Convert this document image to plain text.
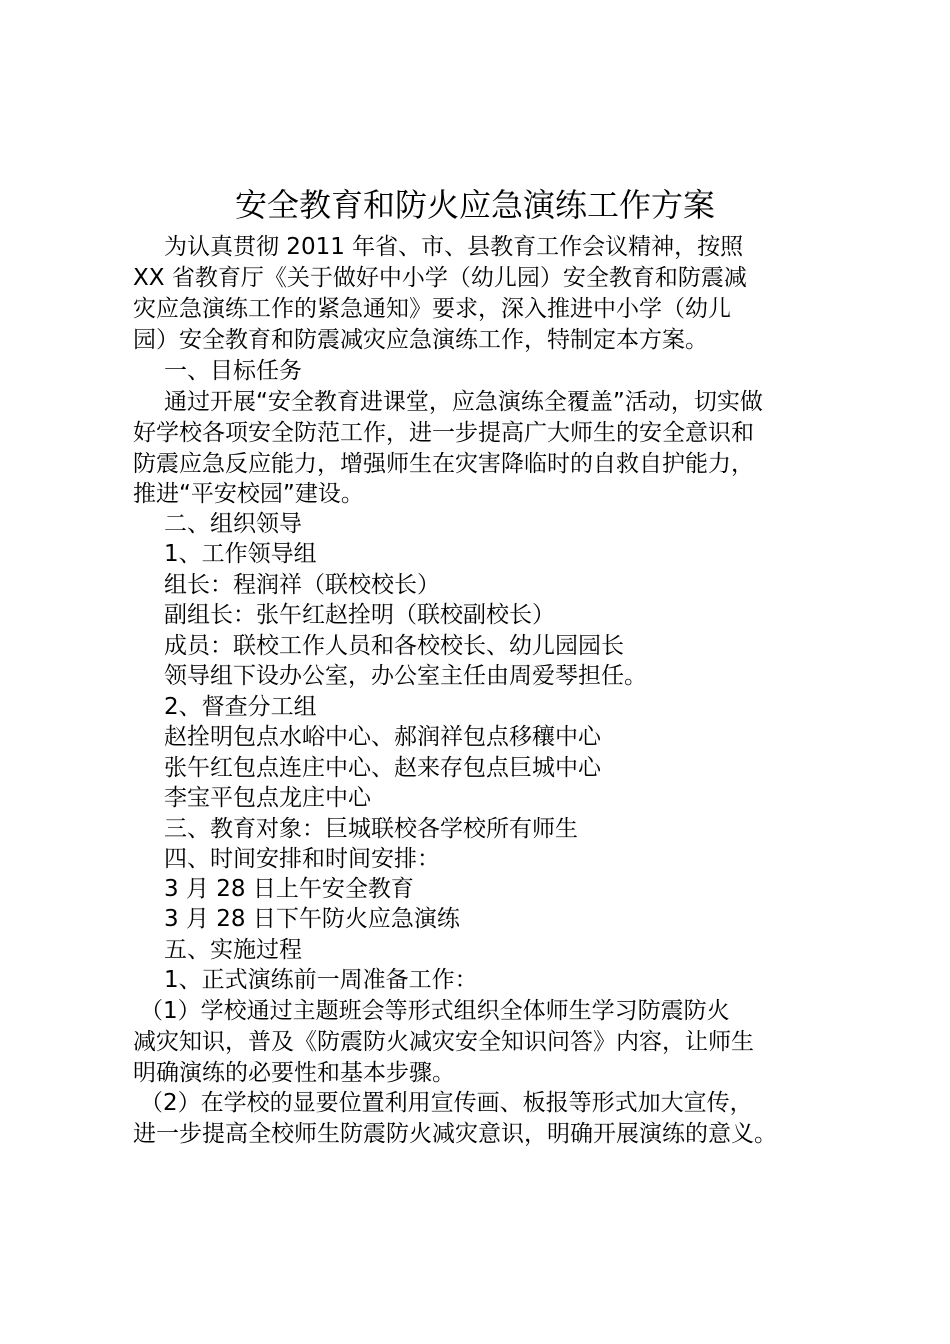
安全教育和防火应急演练工作方案
为认真贯彻 2011 年省、市、县教育工作会议精神，按照
XX 省教育厅《关于做好中小学（幼儿园）安全教育和防震减
灾应急演练工作的紧急通知》要求，深入推进中小学（幼儿
园）安全教育和防震减灾应急演练工作，特制定本方案。
一、目标任务
通过开展“安全教育进课堂，应急演练全覆盖”活动，切实做
好学校各项安全防范工作，进一步提高广大师生的安全意识和
防震应急反应能力，增强师生在灾害降临时的自救自护能力，
推进“平安校园”建设。
二、组织领导
1、工作领导组
组长：程润祥（联校校长）
副组长：张午红赵拴明（联校副校长）
成员：联校工作人员和各校校长、幼儿园园长
领导组下设办公室，办公室主任由周爱琴担任。
2、督查分工组
赵拴明包点水峪中心、郝润祥包点移穰中心
张午红包点连庄中心、赵来存包点巨城中心
李宝平包点龙庄中心
三、教育对象：巨城联校各学校所有师生
四、时间安排和时间安排：
3 月 28 日上午安全教育
3 月 28 日下午防火应急演练
五、实施过程
1、正式演练前一周准备工作：
（1）学校通过主题班会等形式组织全体师生学习防震防火
减灾知识，普及《防震防火减灾安全知识问答》内容，让师生
明确演练的必要性和基本步骤。
（2）在学校的显要位置利用宣传画、板报等形式加大宣传，
进一步提高全校师生防震防火减灾意识，明确开展演练的意义。
